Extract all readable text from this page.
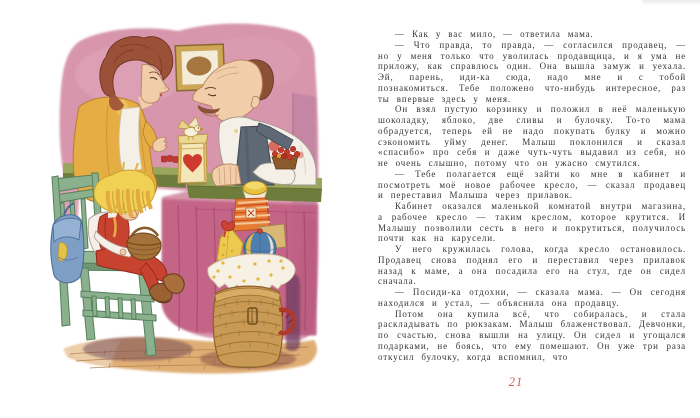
— Как у вас мило, — ответила мама.

— Что правда, то правда, — согласился продавец, — но у меня только что уволилась продавщица, и я ума не приложу, как справлюсь один. Она вышла замуж и уехала. Эй, парень, иди-ка сюда, надо мне и с тобой познакомиться. Тебе положено что-нибудь интересное, раз ты впервые здесь у меня.

Он взял пустую корзинку и положил в неё маленькую шоколадку, яблоко, две сливы и булочку. То-то мама обрадуется, теперь ей не надо покупать булку и можно сэкономить уйму денег. Малыш поклонился и сказал «спасибо» про себя и даже чуть-чуть выдавил из себя, но не очень слышно, потому что он ужасно смутился.

— Тебе полагается ещё зайти ко мне в кабинет и посмотреть моё новое рабочее кресло, — сказал продавец и переставил Малыша через прилавок.

Кабинет оказался маленькой комнатой внутри магазина, а рабочее кресло — таким креслом, которое крутится. И Малышу позволили сесть в него и покрутиться, получилось почти как на карусели.

У него кружилась голова, когда кресло остановилось. Продавец снова поднял его и переставил через прилавок назад к маме, а она посадила его на стул, где он сидел сначала.

— Посиди-ка отдохни, — сказала мама. — Он сегодня находился и устал, — объяснила она продавцу.

Потом она купила всё, что собиралась, и стала раскладывать по рюкзакам. Малыш блаженствовал. Девчонки, по счастью, снова вышли на улицу. Он сидел и угощался подарками, не боясь, что ему помешают. Он уже три раза откусил булочку, когда вспомнил, что

21
